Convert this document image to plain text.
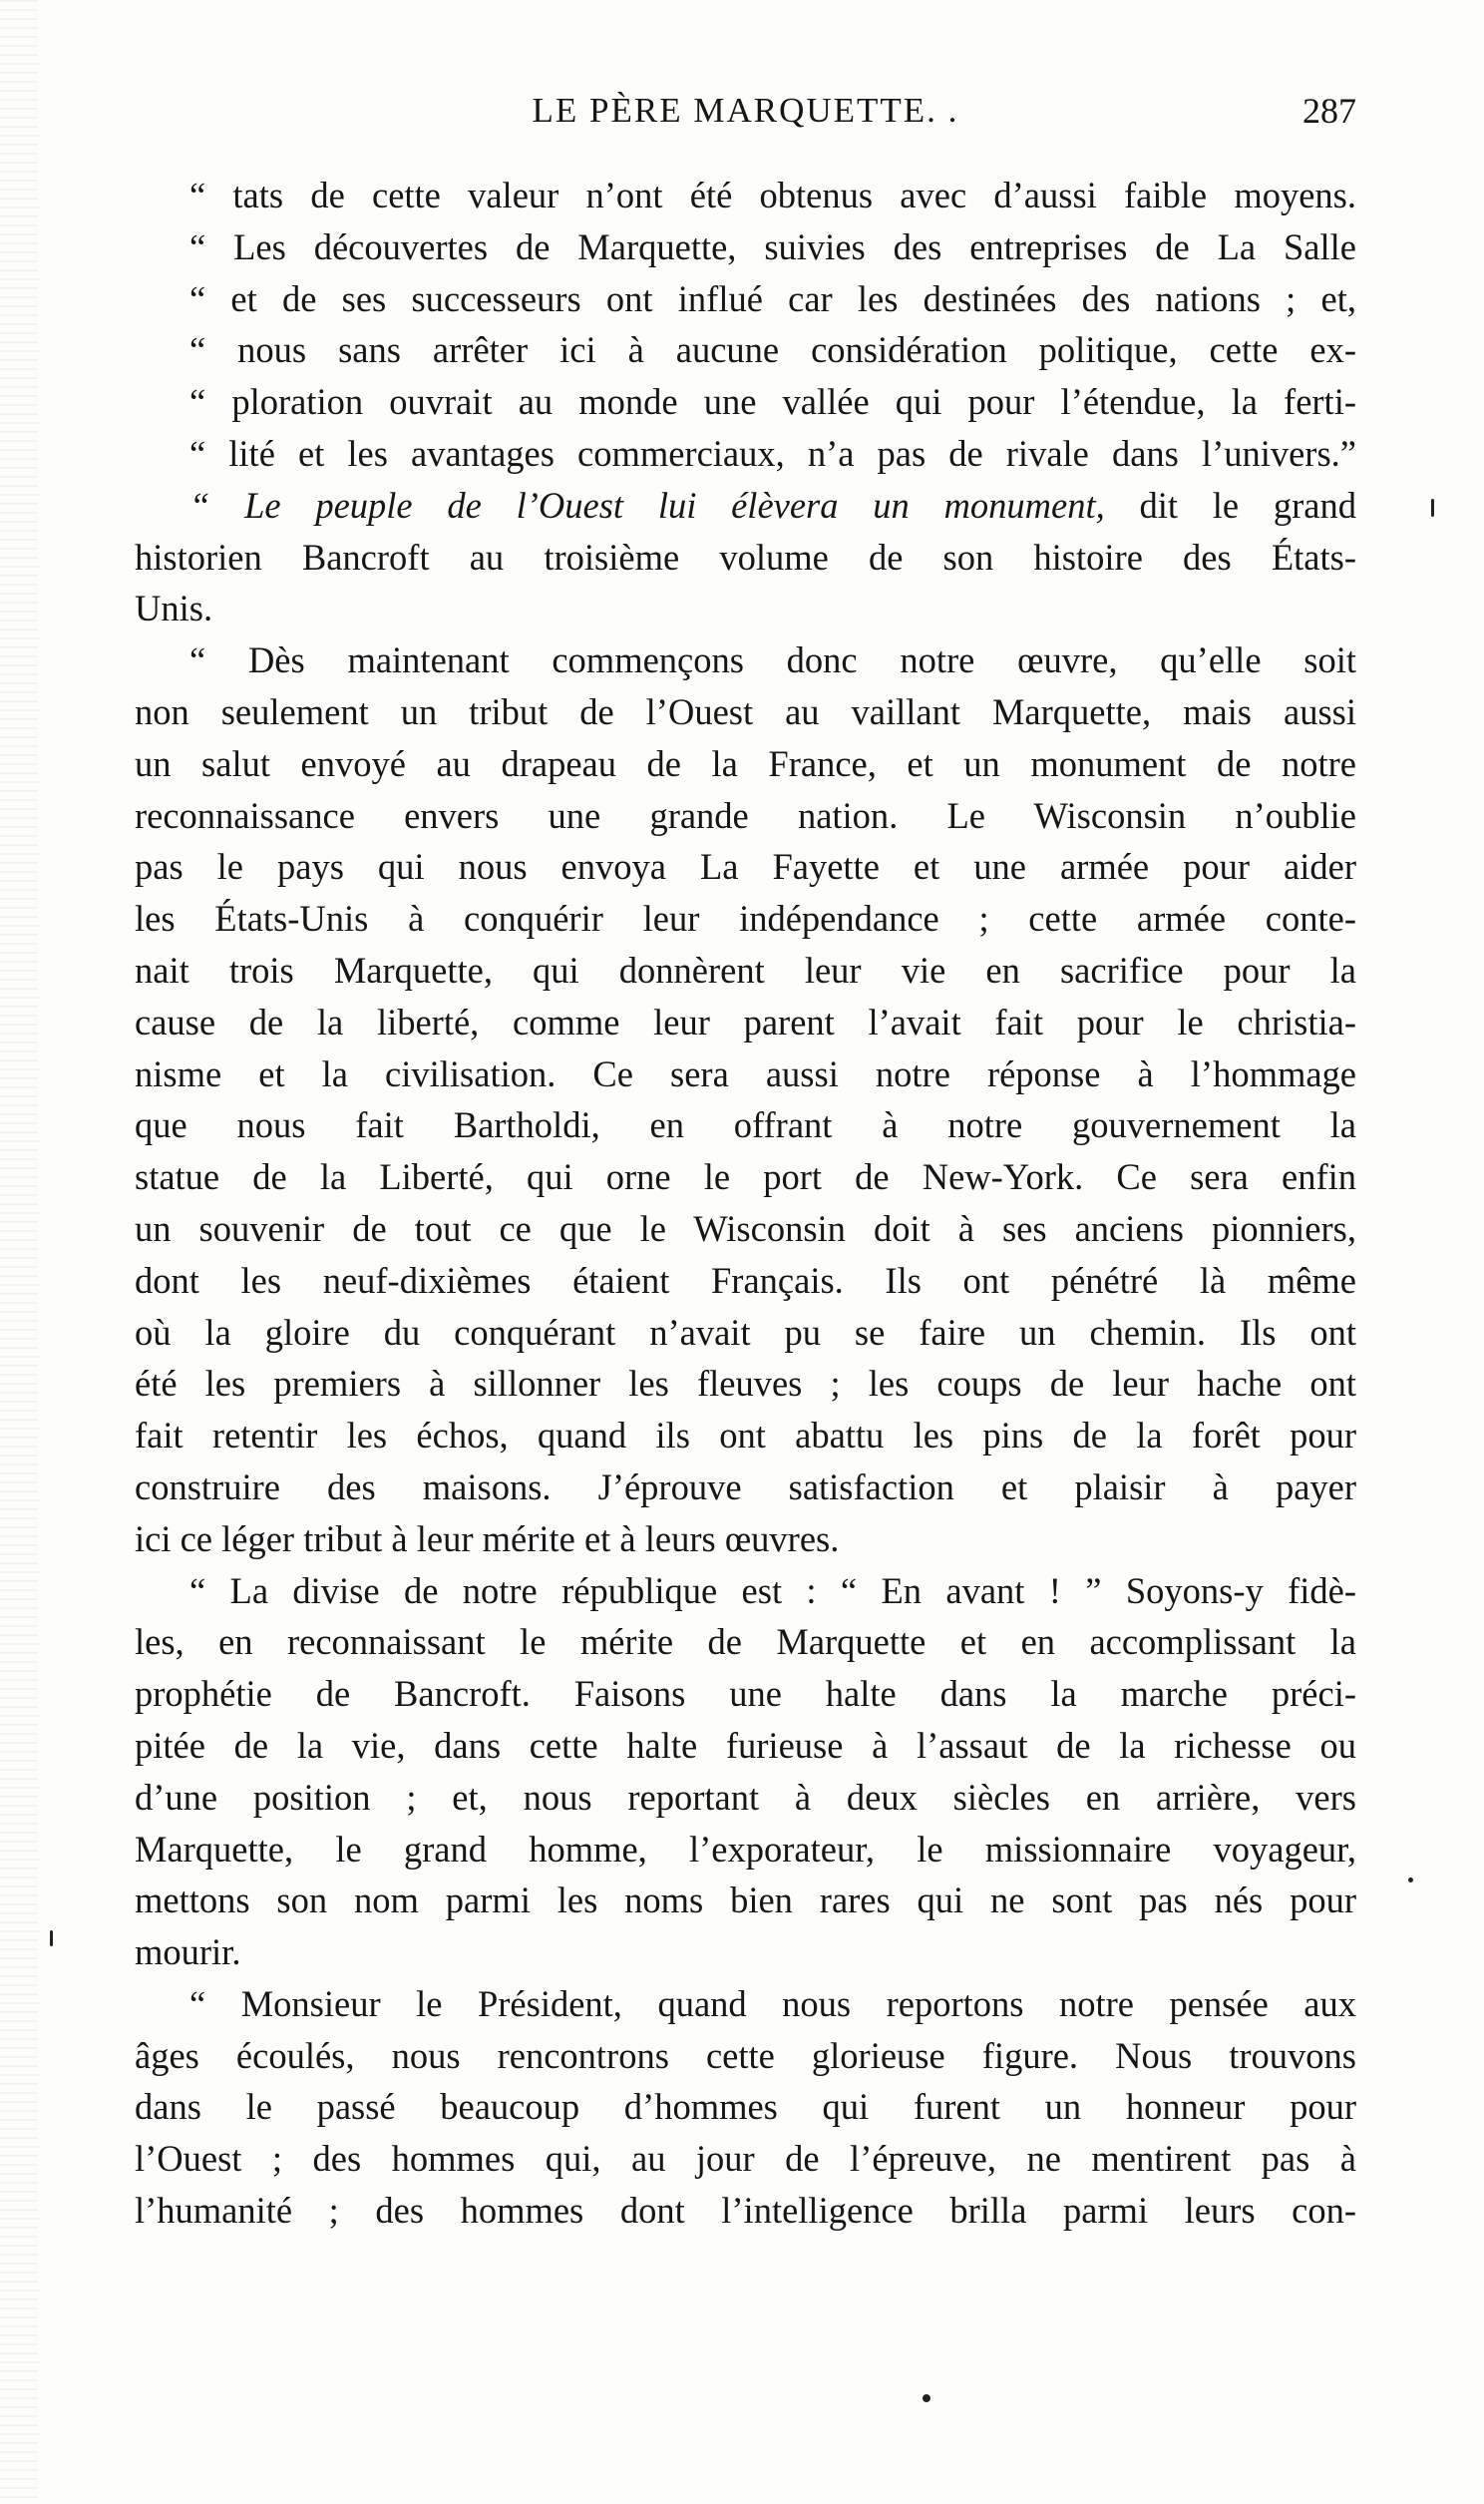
LE PÈRE MARQUETTE. .	287
“ tats de cette valeur n’ont été obtenus avec d’aussi faible moyens.
“ Les découvertes de Marquette, suivies des entreprises de La Salle
“ et de ses successeurs ont influé car les destinées des nations ; et,
“ nous sans arrêter ici à aucune considération politique, cette ex-
“ ploration ouvrait au monde une vallée qui pour l’étendue, la ferti-
“ lité et les avantages commerciaux, n’a pas de rivale dans l’univers.”
“ Le peuple de l’Ouest lui élèvera un monument, dit le grand
historien Bancroft au troisième volume de son histoire des États-
Unis.
“ Dès maintenant commençons donc notre œuvre, qu’elle soit
non seulement un tribut de l’Ouest au vaillant Marquette, mais aussi
un salut envoyé au drapeau de la France, et un monument de notre
reconnaissance envers une grande nation. Le Wisconsin n’oublie
pas le pays qui nous envoya La Fayette et une armée pour aider
les États-Unis à conquérir leur indépendance ; cette armée conte-
nait trois Marquette, qui donnèrent leur vie en sacrifice pour la
cause de la liberté, comme leur parent l’avait fait pour le christia-
nisme et la civilisation. Ce sera aussi notre réponse à l’hommage
que nous fait Bartholdi, en offrant à notre gouvernement la
statue de la Liberté, qui orne le port de New-York. Ce sera enfin
un souvenir de tout ce que le Wisconsin doit à ses anciens pionniers,
dont les neuf-dixièmes étaient Français. Ils ont pénétré là même
où la gloire du conquérant n’avait pu se faire un chemin. Ils ont
été les premiers à sillonner les fleuves ; les coups de leur hache ont
fait retentir les échos, quand ils ont abattu les pins de la forêt pour
construire des maisons. J’éprouve satisfaction et plaisir à payer
ici ce léger tribut à leur mérite et à leurs œuvres.
“ La divise de notre république est : “ En avant ! ” Soyons-y fidè-
les, en reconnaissant le mérite de Marquette et en accomplissant la
prophétie de Bancroft. Faisons une halte dans la marche préci-
pitée de la vie, dans cette halte furieuse à l’assaut de la richesse ou
d’une position ; et, nous reportant à deux siècles en arrière, vers
Marquette, le grand homme, l’exporateur, le missionnaire voyageur,
mettons son nom parmi les noms bien rares qui ne sont pas nés pour
mourir.
“ Monsieur le Président, quand nous reportons notre pensée aux
âges écoulés, nous rencontrons cette glorieuse figure. Nous trouvons
dans le passé beaucoup d’hommes qui furent un honneur pour
l’Ouest ; des hommes qui, au jour de l’épreuve, ne mentirent pas à
l’humanité ; des hommes dont l’intelligence brilla parmi leurs con-
